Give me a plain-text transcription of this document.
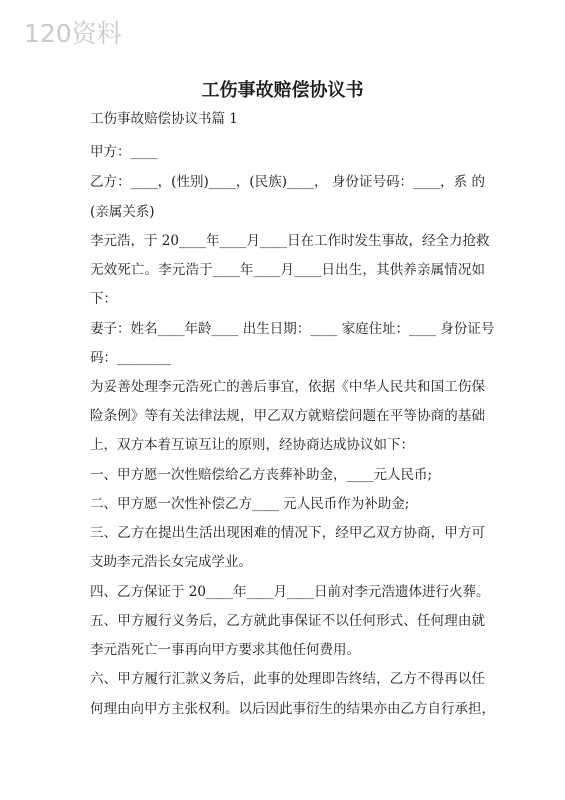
120资料
工伤事故赔偿协议书
工伤事故赔偿协议书篇 1
甲方：____
乙方：____，(性别)____，(民族)____， 身份证号码：____，系 的
(亲属关系)
李元浩，于 20____年____月____日在工作时发生事故，经全力抢救
无效死亡。李元浩于____年____月____日出生，其供养亲属情况如
下：
妻子：姓名____年龄____ 出生日期：____ 家庭住址：____ 身份证号
码：________
为妥善处理李元浩死亡的善后事宜，依据《中华人民共和国工伤保
险条例》等有关法律法规，甲乙双方就赔偿问题在平等协商的基础
上，双方本着互谅互让的原则，经协商达成协议如下：
一、甲方愿一次性赔偿给乙方丧葬补助金，____元人民币;
二、甲方愿一次性补偿乙方____ 元人民币作为补助金;
三、乙方在提出生活出现困难的情况下，经甲乙双方协商，甲方可
支助李元浩长女完成学业。
四、乙方保证于 20____年____月____日前对李元浩遗体进行火葬。
五、甲方履行义务后，乙方就此事保证不以任何形式、任何理由就
李元浩死亡一事再向甲方要求其他任何费用。
六、甲方履行汇款义务后，此事的处理即告终结，乙方不得再以任
何理由向甲方主张权利。以后因此事衍生的结果亦由乙方自行承担，
